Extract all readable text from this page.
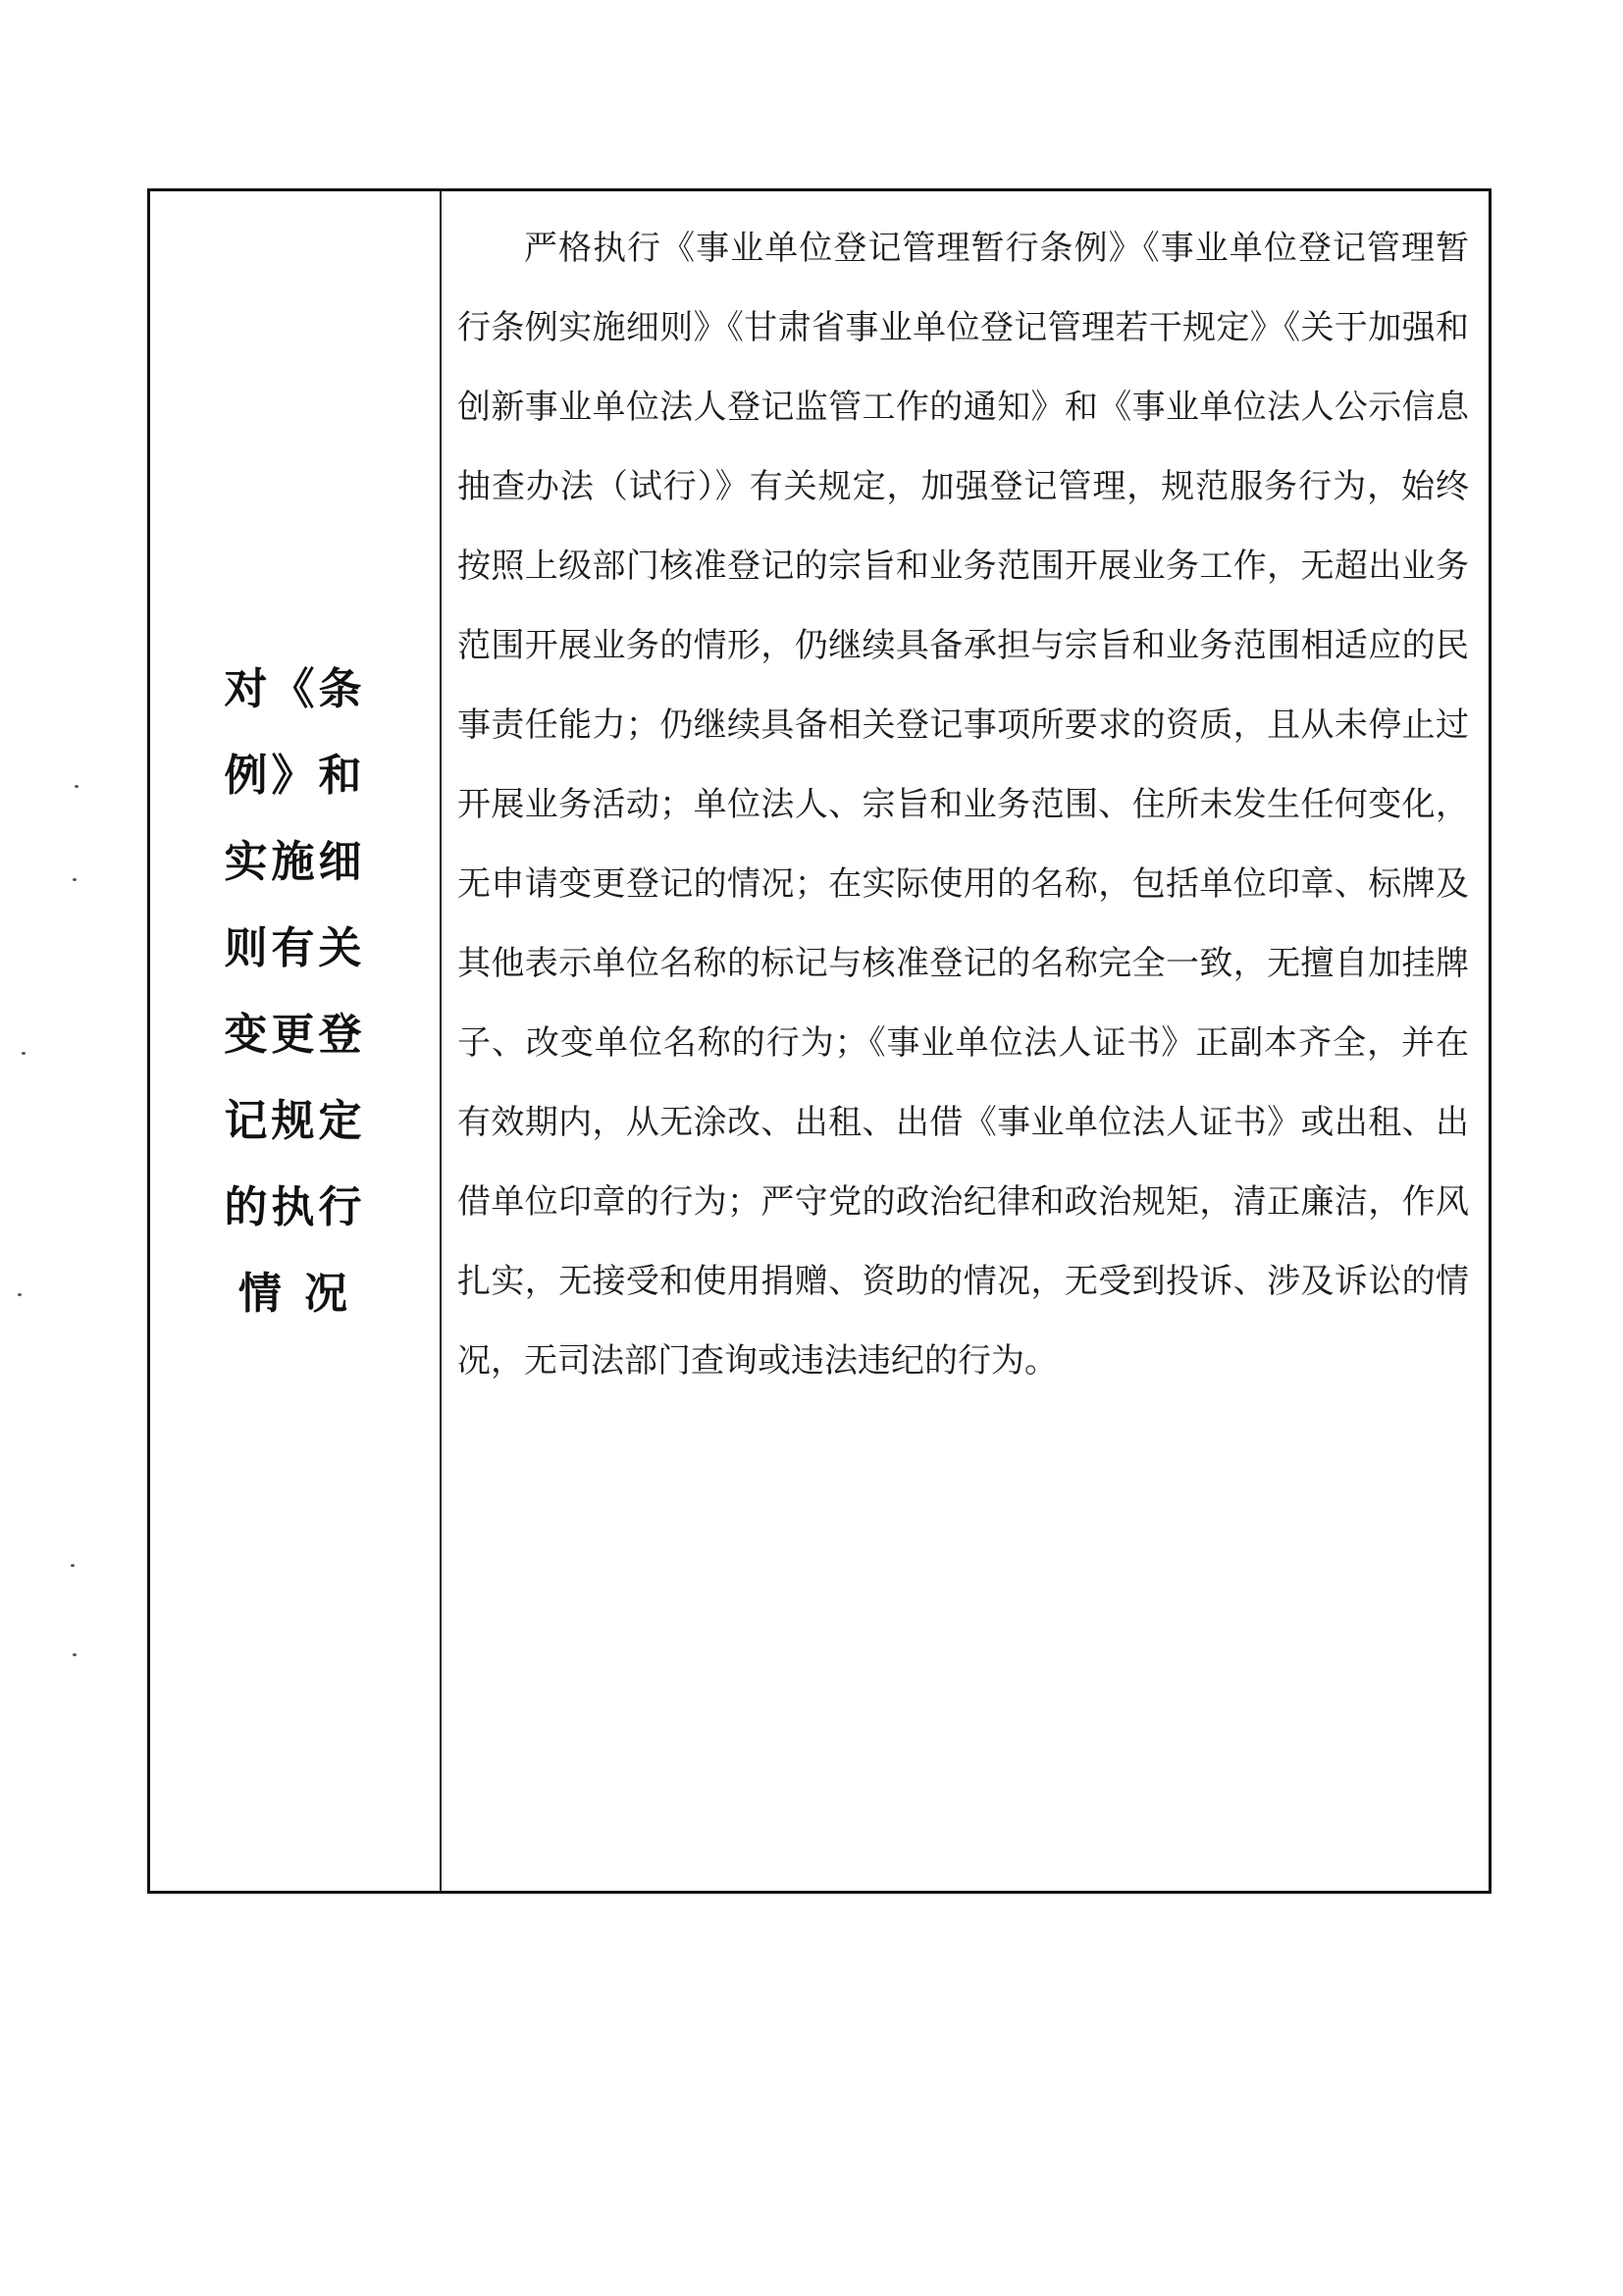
对《条
例》和
实施细
则有关
变更登
记规定
的执行
情 况

严格执行《事业单位登记管理暂行条例》《事业单位登记管理暂行条例实施细则》《甘肃省事业单位登记管理若干规定》《关于加强和创新事业单位法人登记监管工作的通知》和《事业单位法人公示信息抽查办法（试行）》有关规定，加强登记管理，规范服务行为，始终按照上级部门核准登记的宗旨和业务范围开展业务工作，无超出业务范围开展业务的情形，仍继续具备承担与宗旨和业务范围相适应的民事责任能力；仍继续具备相关登记事项所要求的资质，且从未停止过开展业务活动；单位法人、宗旨和业务范围、住所未发生任何变化，无申请变更登记的情况；在实际使用的名称，包括单位印章、标牌及其他表示单位名称的标记与核准登记的名称完全一致，无擅自加挂牌子、改变单位名称的行为；《事业单位法人证书》正副本齐全，并在有效期内，从无涂改、出租、出借《事业单位法人证书》或出租、出借单位印章的行为；严守党的政治纪律和政治规矩，清正廉洁，作风扎实，无接受和使用捐赠、资助的情况，无受到投诉、涉及诉讼的情况，无司法部门查询或违法违纪的行为。
